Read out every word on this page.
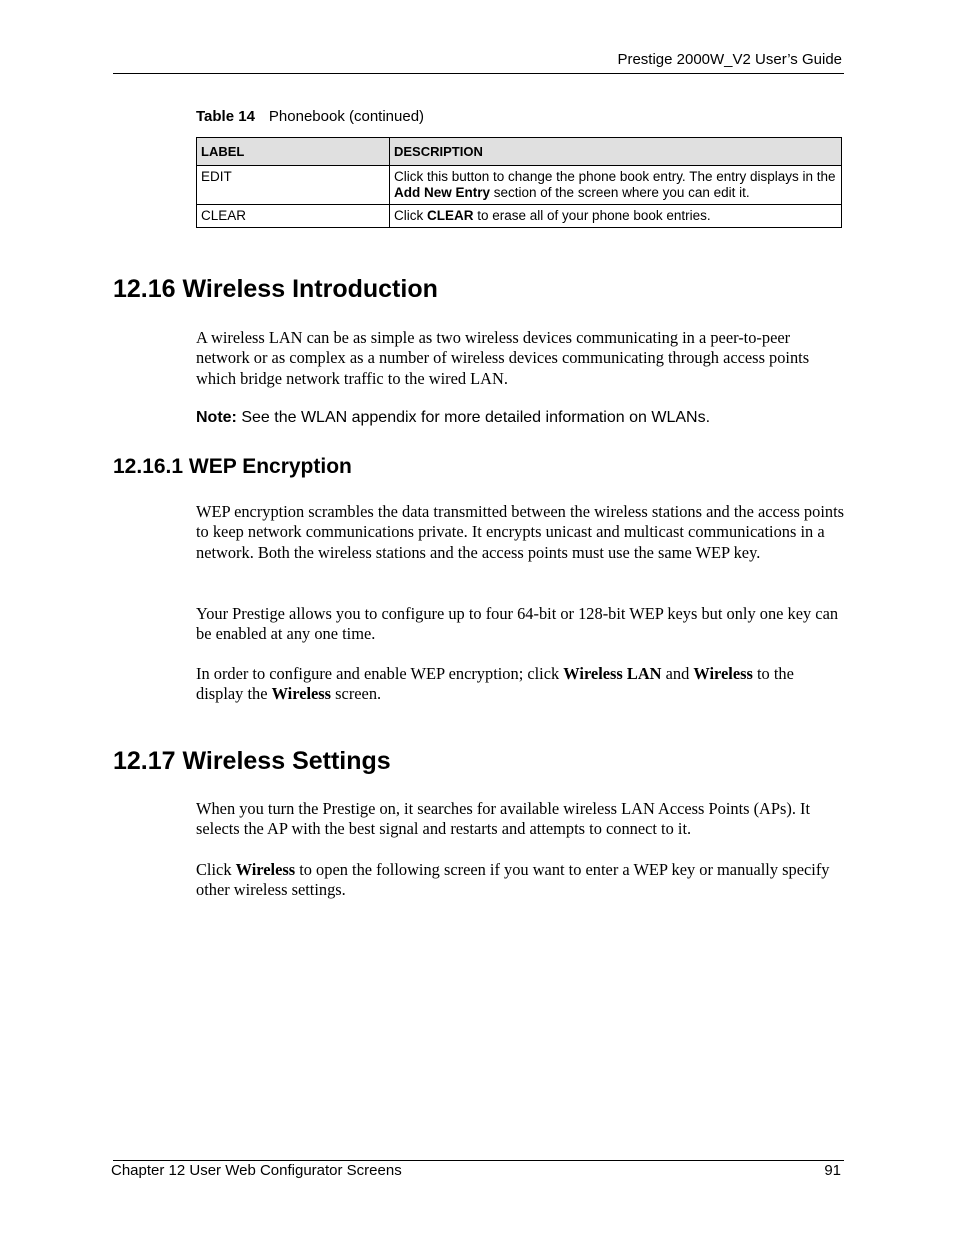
Prestige 2000W_V2 User’s Guide
Table 14 Phonebook (continued)
LABEL	DESCRIPTION
EDIT	Click this button to change the phone book entry. The entry displays in the Add New Entry section of the screen where you can edit it.
CLEAR	Click CLEAR to erase all of your phone book entries.
12.16 Wireless Introduction

A wireless LAN can be as simple as two wireless devices communicating in a peer-to-peer network or as complex as a number of wireless devices communicating through access points which bridge network traffic to the wired LAN.

Note: See the WLAN appendix for more detailed information on WLANs.

12.16.1 WEP Encryption

WEP encryption scrambles the data transmitted between the wireless stations and the access points to keep network communications private. It encrypts unicast and multicast communications in a network. Both the wireless stations and the access points must use the same WEP key.

Your Prestige allows you to configure up to four 64-bit or 128-bit WEP keys but only one key can be enabled at any one time.

In order to configure and enable WEP encryption; click Wireless LAN and Wireless to the display the Wireless screen.

12.17 Wireless Settings

When you turn the Prestige on, it searches for available wireless LAN Access Points (APs). It selects the AP with the best signal and restarts and attempts to connect to it.

Click Wireless to open the following screen if you want to enter a WEP key or manually specify other wireless settings.

Chapter 12 User Web Configurator Screens	91
